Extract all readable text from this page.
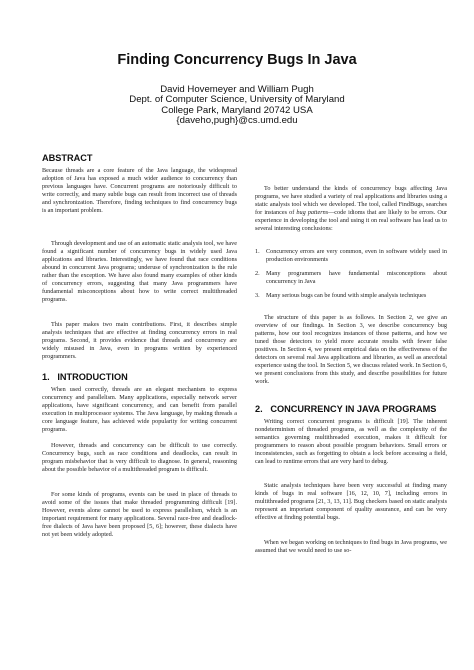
Finding Concurrency Bugs In Java
David Hovemeyer and William Pugh
Dept. of Computer Science, University of Maryland
College Park, Maryland 20742 USA
{daveho,pugh}@cs.umd.edu
ABSTRACT

Because threads are a core feature of the Java language, the widespread adoption of Java has exposed a much wider audience to concurrency than previous languages have. Concurrent programs are notoriously difficult to write correctly, and many subtle bugs can result from incorrect use of threads and synchronization. Therefore, finding techniques to find concurrency bugs is an important problem.

Through development and use of an automatic static analysis tool, we have found a significant number of concurrency bugs in widely used Java applications and libraries. Interestingly, we have found that race conditions abound in concurrent Java programs; underuse of synchronization is the rule rather than the exception. We have also found many examples of other kinds of concurrency errors, suggesting that many Java programmers have fundamental misconceptions about how to write correct multithreaded programs.

This paper makes two main contributions. First, it describes simple analysis techniques that are effective at finding concurrency errors in real programs. Second, it provides evidence that threads and concurrency are widely misused in Java, even in programs written by experienced programmers.

1.   INTRODUCTION

When used correctly, threads are an elegant mechanism to express concurrency and parallelism. Many applications, especially network server applications, have significant concurrency, and can benefit from parallel execution in multiprocessor systems. The Java language, by making threads a core language feature, has achieved wide popularity for writing concurrent programs.

However, threads and concurrency can be difficult to use correctly. Concurrency bugs, such as race conditions and deadlocks, can result in program misbehavior that is very difficult to diagnose. In general, reasoning about the possible behavior of a multithreaded program is difficult.

For some kinds of programs, events can be used in place of threads to avoid some of the issues that make threaded programming difficult [19]. However, events alone cannot be used to express parallelism, which is an important requirement for many applications. Several race-free and deadlock-free dialects of Java have been proposed [5, 6]; however, these dialects have not yet been widely adopted.

To better understand the kinds of concurrency bugs affecting Java programs, we have studied a variety of real applications and libraries using a static analysis tool which we developed. The tool, called FindBugs, searches for instances of bug patterns—code idioms that are likely to be errors. Our experience in developing the tool and using it on real software has lead us to several interesting conclusions:

1. Concurrency errors are very common, even in software widely used in production environments
2. Many programmers have fundamental misconceptions about concurrency in Java
3. Many serious bugs can be found with simple analysis techniques

The structure of this paper is as follows. In Section 2, we give an overview of our findings. In Section 3, we describe concurrency bug patterns, how our tool recognizes instances of those patterns, and how we tuned those detectors to yield more accurate results with fewer false positives. In Section 4, we present empirical data on the effectiveness of the detectors on several real Java applications and libraries, as well as anecdotal experience using the tool. In Section 5, we discuss related work. In Section 6, we present conclusions from this study, and describe possibilities for future work.

2.   CONCURRENCY IN JAVA PROGRAMS

Writing correct concurrent programs is difficult [19]. The inherent nondeterminism of threaded programs, as well as the complexity of the semantics governing multithreaded execution, makes it difficult for programmers to reason about possible program behaviors. Small errors or inconsistencies, such as forgetting to obtain a lock before accessing a field, can lead to runtime errors that are very hard to debug.

Static analysis techniques have been very successful at finding many kinds of bugs in real software [16, 12, 10, 7], including errors in multithreaded programs [21, 3, 13, 11]. Bug checkers based on static analysis represent an important component of quality assurance, and can be very effective at finding potential bugs.

When we began working on techniques to find bugs in Java programs, we assumed that we would need to use so-
